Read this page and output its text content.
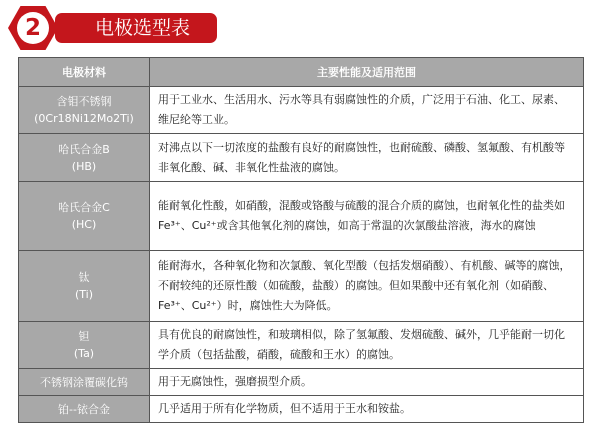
2	电极选型表
电极材料	主要性能及适用范围

含钼不锈钢
(0Cr18Ni12Mo2Ti)	用于工业水、生活用水、污水等具有弱腐蚀性的介质，广泛用于石油、化工、尿素、维尼纶等工业。

哈氏合金B
(HB)	对沸点以下一切浓度的盐酸有良好的耐腐蚀性，也耐硫酸、磷酸、氢氟酸、有机酸等非氧化酸、碱、非氧化性盐液的腐蚀。

哈氏合金C
(HC)	能耐氧化性酸，如硝酸，混酸或铬酸与硫酸的混合介质的腐蚀，也耐氧化性的盐类如Fe³⁺、Cu²⁺或含其他氧化剂的腐蚀，如高于常温的次氯酸盐溶液，海水的腐蚀

钛
(Ti)	能耐海水，各种氧化物和次氯酸、氧化型酸（包括发烟硝酸）、有机酸、碱等的腐蚀，不耐较纯的还原性酸（如硫酸，盐酸）的腐蚀。但如果酸中还有氧化剂（如硝酸、Fe³⁺、Cu²⁺）时，腐蚀性大为降低。

钽
(Ta)	具有优良的耐腐蚀性，和玻璃相似，除了氢氟酸、发烟硫酸、碱外，几乎能耐一切化学介质（包括盐酸，硝酸，硫酸和王水）的腐蚀。

不锈钢涂覆碳化钨	用于无腐蚀性，强磨损型介质。

铂--铱合金	几乎适用于所有化学物质，但不适用于王水和铵盐。
